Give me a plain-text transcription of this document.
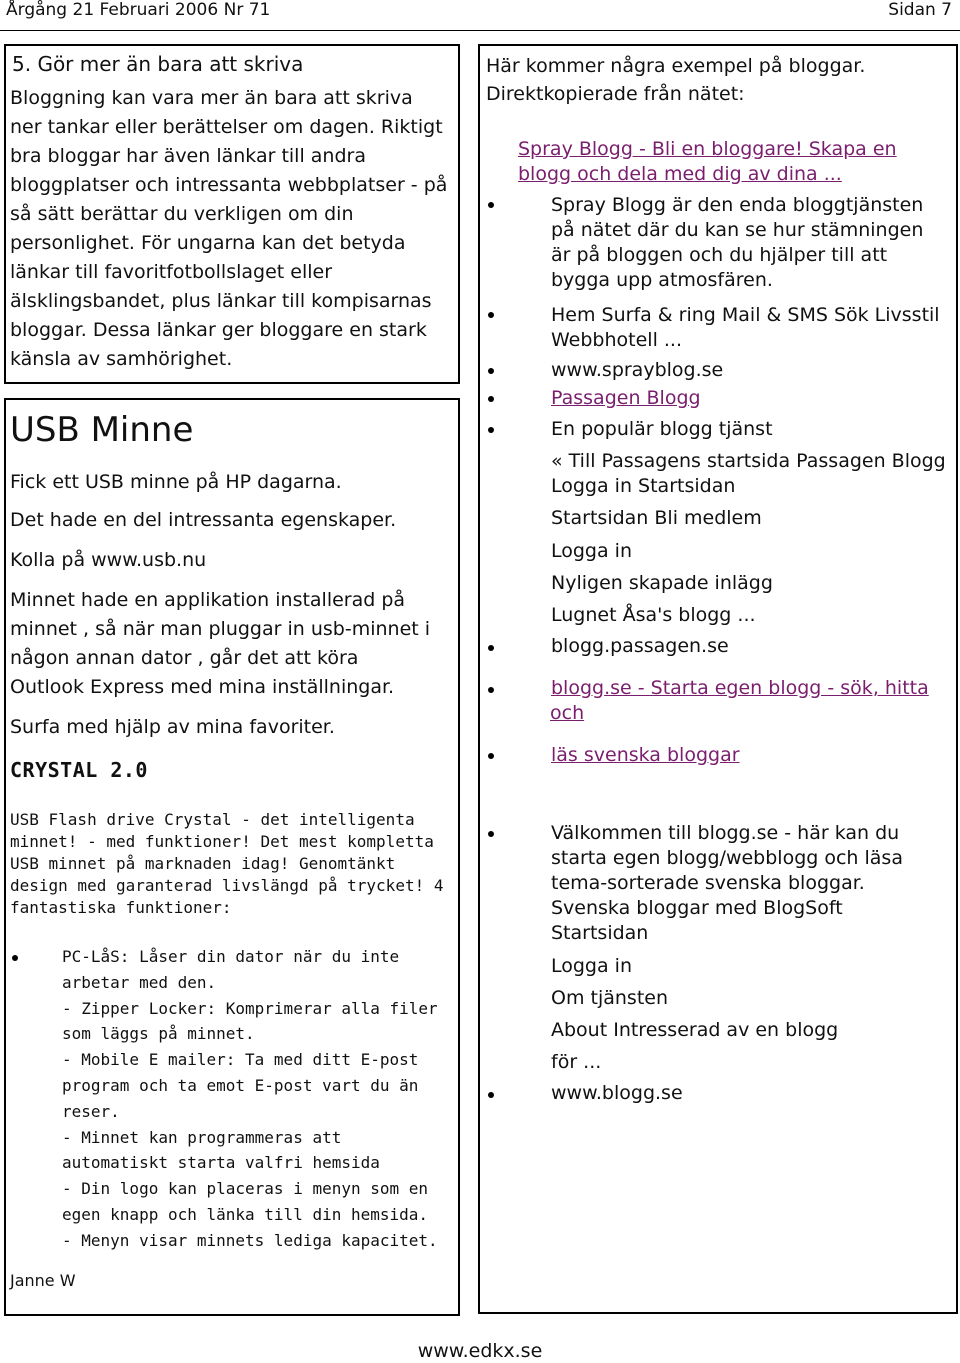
Årgång 21 Februari 2006 Nr 71	Sidan 7
5. Gör mer än bara att skriva
Bloggning kan vara mer än bara att skriva
ner tankar eller berättelser om dagen. Riktigt
bra bloggar har även länkar till andra
bloggplatser och intressanta webbplatser - på
så sätt berättar du verkligen om din
personlighet. För ungarna kan det betyda
länkar till favoritfotbollslaget eller
älsklingsbandet, plus länkar till kompisarnas
bloggar. Dessa länkar ger bloggare en stark
känsla av samhörighet.
USB Minne
Fick ett USB minne på HP dagarna.
Det hade en del intressanta egenskaper.
Kolla på www.usb.nu
Minnet hade en applikation installerad på
minnet , så när man pluggar in usb-minnet i
någon annan dator , går det att köra
Outlook Express med mina inställningar.
Surfa med hjälp av mina favoriter.
CRYSTAL 2.0
USB Flash drive Crystal - det intelligenta
minnet! - med funktioner! Det mest kompletta
USB minnet på marknaden idag! Genomtänkt
design med garanterad livslängd på trycket! 4
fantastiska funktioner:
PC-LåS: Låser din dator när du inte
arbetar med den.
- Zipper Locker: Komprimerar alla filer
som läggs på minnet.
- Mobile E mailer: Ta med ditt E-post
program och ta emot E-post vart du än
reser.
- Minnet kan programmeras att
automatiskt starta valfri hemsida
- Din logo kan placeras i menyn som en
egen knapp och länka till din hemsida.
- Menyn visar minnets lediga kapacitet.
Janne W
Här kommer några exempel på bloggar.
Direktkopierade från nätet:
Spray Blogg - Bli en bloggare! Skapa en
blogg och dela med dig av dina ...
Spray Blogg är den enda bloggtjänsten
på nätet där du kan se hur stämningen
är på bloggen och du hjälper till att
bygga upp atmosfären.
Hem Surfa & ring Mail & SMS Sök Livsstil
Webbhotell ...
www.sprayblog.se
Passagen Blogg
En populär blogg tjänst
« Till Passagens startsida Passagen Blogg
Logga in Startsidan
Startsidan Bli medlem
Logga in
Nyligen skapade inlägg
Lugnet Åsa's blogg ...
blogg.passagen.se
blogg.se - Starta egen blogg - sök, hitta
och
läs svenska bloggar
Välkommen till blogg.se - här kan du
starta egen blogg/webblogg och läsa
tema-sorterade svenska bloggar.
Svenska bloggar med BlogSoft
Startsidan
Logga in
Om tjänsten
About Intresserad av en blogg
för ...
www.blogg.se
www.edkx.se
